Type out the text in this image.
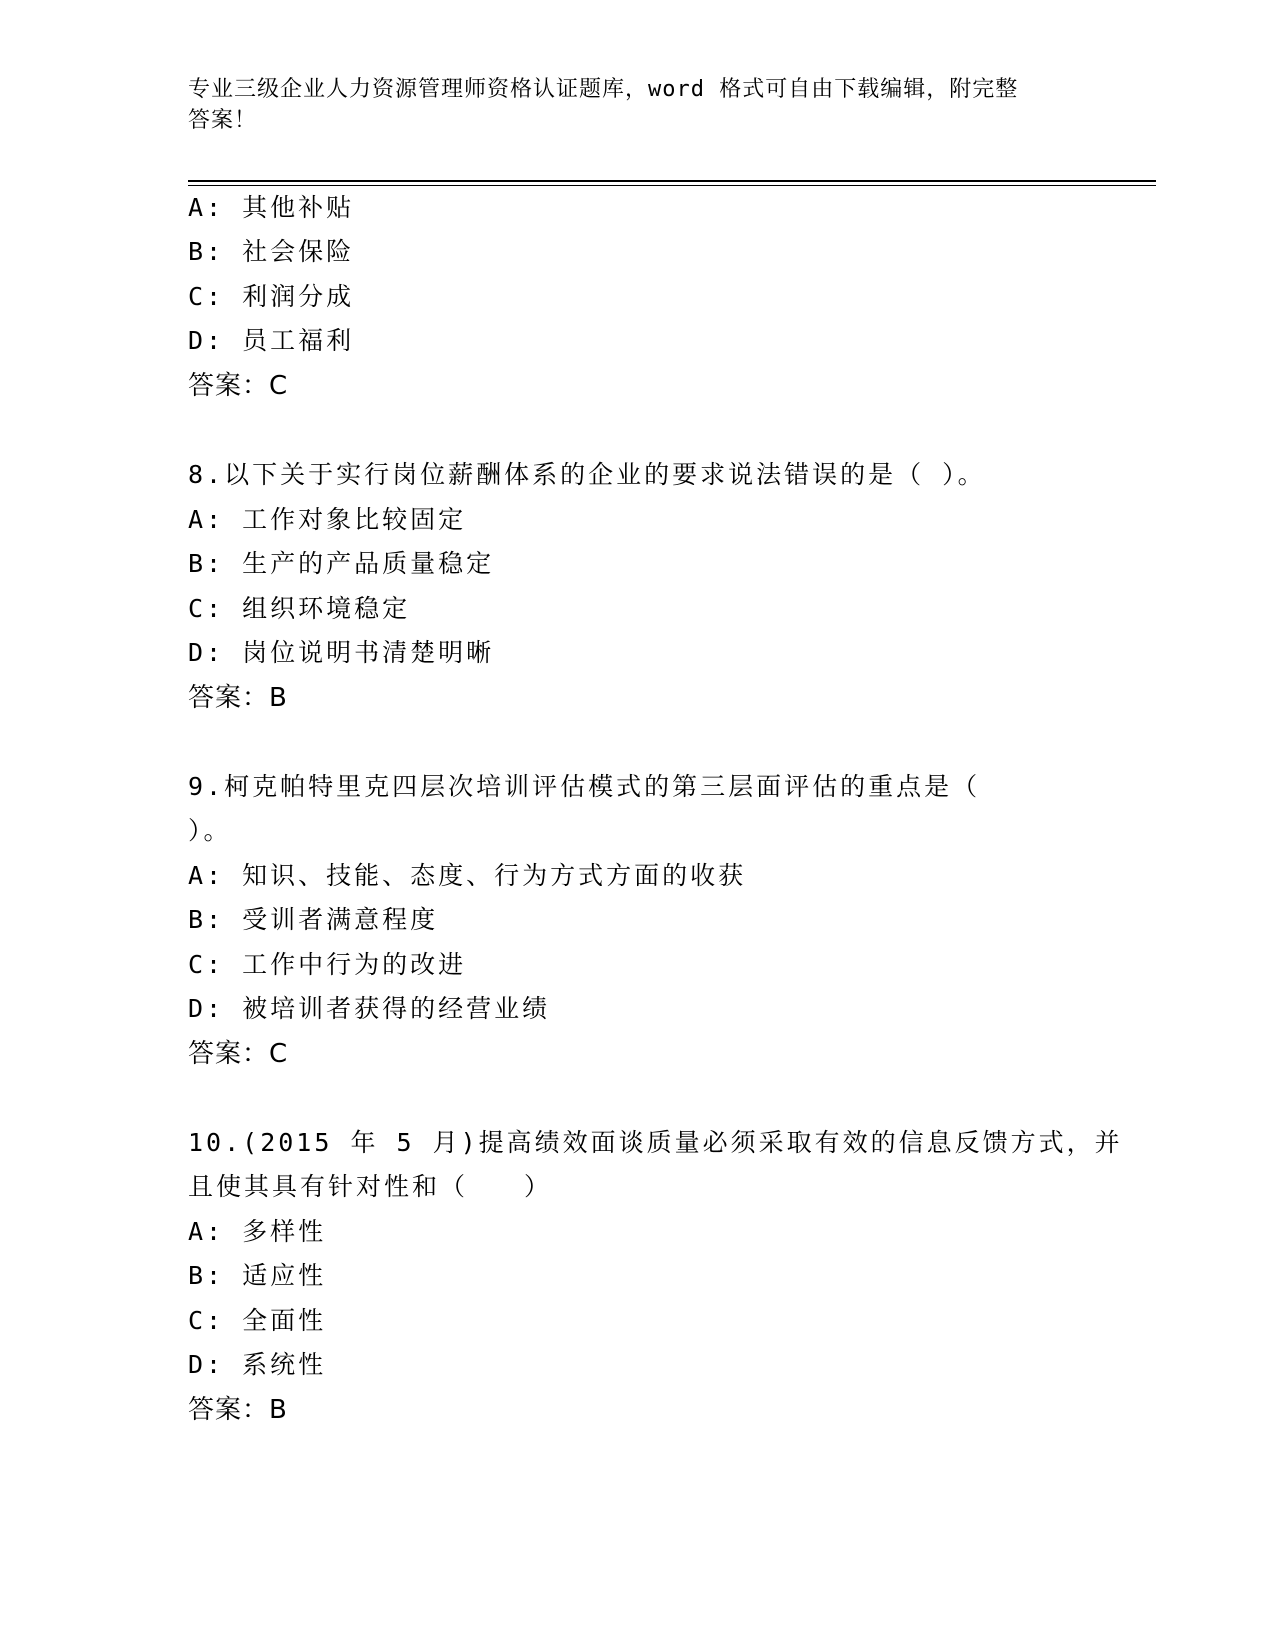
专业三级企业人力资源管理师资格认证题库，word 格式可自由下载编辑，附完整
答案！
A: 其他补贴
B: 社会保险
C: 利润分成
D: 员工福利
答案：C
8.以下关于实行岗位薪酬体系的企业的要求说法错误的是（ ）。
A: 工作对象比较固定
B: 生产的产品质量稳定
C: 组织环境稳定
D: 岗位说明书清楚明晰
答案：B
9.柯克帕特里克四层次培训评估模式的第三层面评估的重点是（
）。
A: 知识、技能、态度、行为方式方面的收获
B: 受训者满意程度
C: 工作中行为的改进
D: 被培训者获得的经营业绩
答案：C
10.(2015 年 5 月)提高绩效面谈质量必须采取有效的信息反馈方式，并
且使其具有针对性和（　　）
A: 多样性
B: 适应性
C: 全面性
D: 系统性
答案：B
